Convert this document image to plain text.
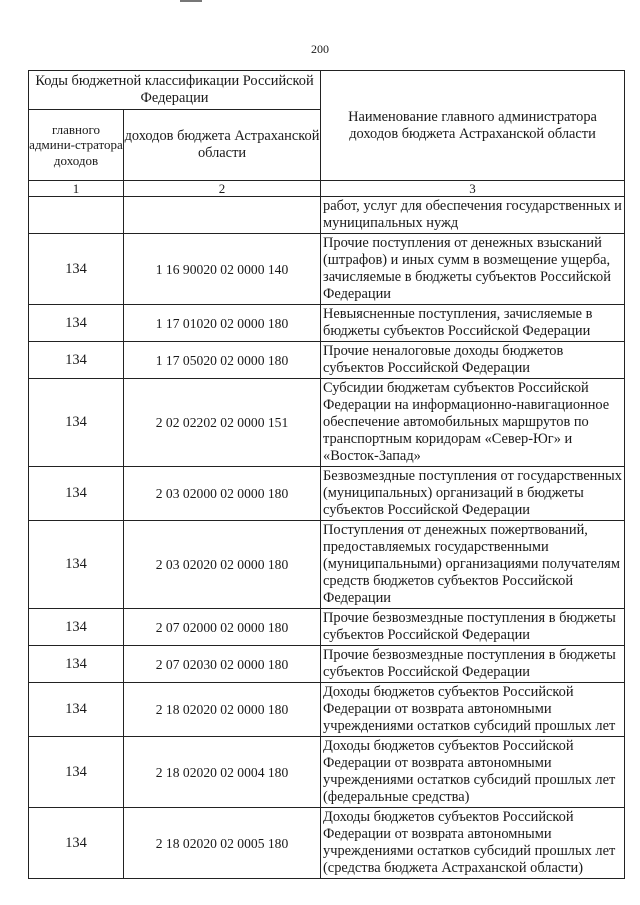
200
Коды бюджетной классификации Российской Федерации		Наименование главного администратора доходов бюджета Астраханской области
главного админи-стратора доходов	доходов бюджета Астраханской области	
1	2	3
		работ, услуг для обеспечения государственных и муниципальных нужд
134	1 16 90020 02 0000 140	Прочие поступления от денежных взысканий (штрафов) и иных сумм в возмещение ущерба, зачисляемые в бюджеты субъектов Российской Федерации
134	1 17 01020 02 0000 180	Невыясненные поступления, зачисляемые в бюджеты субъектов Российской Федерации
134	1 17 05020 02 0000 180	Прочие неналоговые доходы бюджетов субъектов Российской Федерации
134	2 02 02202 02 0000 151	Субсидии бюджетам субъектов Российской Федерации на информационно-навигационное обеспечение автомобильных маршрутов по транспортным коридорам «Север-Юг» и «Восток-Запад»
134	2 03 02000 02 0000 180	Безвозмездные поступления от государственных (муниципальных) организаций в бюджеты субъектов Российской Федерации
134	2 03 02020 02 0000 180	Поступления от денежных пожертвований, предоставляемых государственными (муниципальными) организациями получателям средств бюджетов субъектов Российской Федерации
134	2 07 02000 02 0000 180	Прочие безвозмездные поступления в бюджеты субъектов Российской Федерации
134	2 07 02030 02 0000 180	Прочие безвозмездные поступления в бюджеты субъектов Российской Федерации
134	2 18 02020 02 0000 180	Доходы бюджетов субъектов Российской Федерации от возврата автономными учреждениями остатков субсидий прошлых лет
134	2 18 02020 02 0004 180	Доходы бюджетов субъектов Российской Федерации от возврата автономными учреждениями остатков субсидий прошлых лет (федеральные средства)
134	2 18 02020 02 0005 180	Доходы бюджетов субъектов Российской Федерации от возврата автономными учреждениями остатков субсидий прошлых лет (средства бюджета Астраханской области)
